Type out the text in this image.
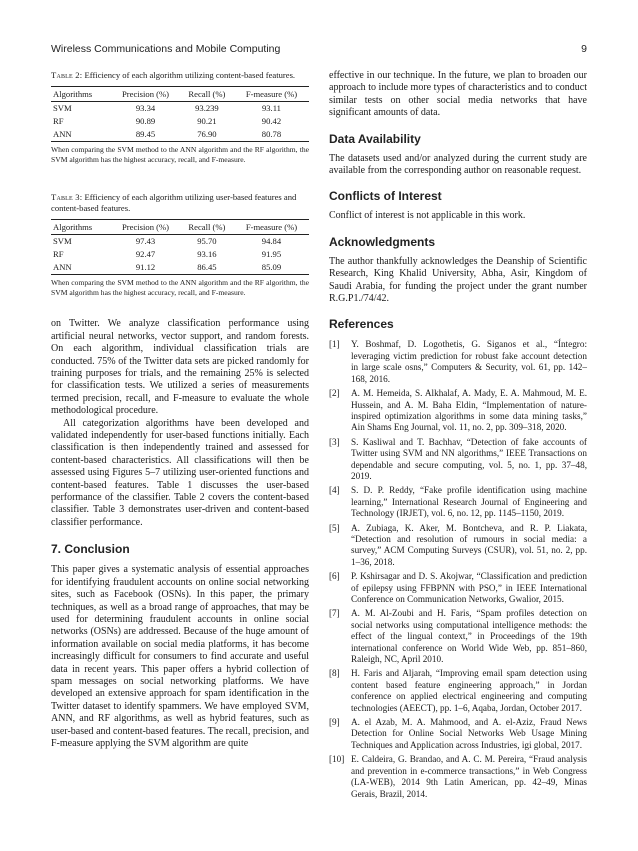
Wireless Communications and Mobile Computing	9

Table 2: Efficiency of each algorithm utilizing content-based features.

Algorithms	Precision (%)	Recall (%)	F-measure (%)
SVM	93.34	93.239	93.11
RF	90.89	90.21	90.42
ANN	89.45	76.90	80.78

When comparing the SVM method to the ANN algorithm and the RF algorithm, the SVM algorithm has the highest accuracy, recall, and F-measure.

Table 3: Efficiency of each algorithm utilizing user-based features and content-based features.

Algorithms	Precision (%)	Recall (%)	F-measure (%)
SVM	97.43	95.70	94.84
RF	92.47	93.16	91.95
ANN	91.12	86.45	85.09

When comparing the SVM method to the ANN algorithm and the RF algorithm, the SVM algorithm has the highest accuracy, recall, and F-measure.

on Twitter. We analyze classification performance using artificial neural networks, vector support, and random forests. On each algorithm, individual classification trials are conducted. 75% of the Twitter data sets are picked randomly for training purposes for trials, and the remaining 25% is selected for classification tests. We utilized a series of measurements termed precision, recall, and F-measure to evaluate the whole methodological procedure.

All categorization algorithms have been developed and validated independently for user-based functions initially. Each classification is then independently trained and assessed for content-based characteristics. All classifications will then be assessed using Figures 5–7 utilizing user-oriented functions and content-based features. Table 1 discusses the user-based performance of the classifier. Table 2 covers the content-based classifier. Table 3 demonstrates user-driven and content-based classifier performance.

7. Conclusion

This paper gives a systematic analysis of essential approaches for identifying fraudulent accounts on online social networking sites, such as Facebook (OSNs). In this paper, the primary techniques, as well as a broad range of approaches, that may be used for determining fraudulent accounts in online social networks (OSNs) are addressed. Because of the huge amount of information available on social media platforms, it has become increasingly difficult for consumers to find accurate and useful data in recent years. This paper offers a hybrid collection of spam messages on social networking platforms. We have developed an extensive approach for spam identification in the Twitter dataset to identify spammers. We have employed SVM, ANN, and RF algorithms, as well as hybrid features, such as user-based and content-based features. The recall, precision, and F-measure applying the SVM algorithm are quite

effective in our technique. In the future, we plan to broaden our approach to include more types of characteristics and to conduct similar tests on other social media networks that have significant amounts of data.

Data Availability

The datasets used and/or analyzed during the current study are available from the corresponding author on reasonable request.

Conflicts of Interest

Conflict of interest is not applicable in this work.

Acknowledgments

The author thankfully acknowledges the Deanship of Scientific Research, King Khalid University, Abha, Asir, Kingdom of Saudi Arabia, for funding the project under the grant number R.G.P1./74/42.

References
[1] Y. Boshmaf, D. Logothetis, G. Siganos et al., “Íntegro: leveraging victim prediction for robust fake account detection in large scale osns,” Computers & Security, vol. 61, pp. 142–168, 2016.
[2] A. M. Hemeida, S. Alkhalaf, A. Mady, E. A. Mahmoud, M. E. Hussein, and A. M. Baha Eldin, “Implementation of nature-inspired optimization algorithms in some data mining tasks,” Ain Shams Eng Journal, vol. 11, no. 2, pp. 309–318, 2020.
[3] S. Kasliwal and T. Bachhav, “Detection of fake accounts of Twitter using SVM and NN algorithms,” IEEE Transactions on dependable and secure computing, vol. 5, no. 1, pp. 37–48, 2019.
[4] S. D. P. Reddy, “Fake profile identification using machine learning,” International Research Journal of Engineering and Technology (IRJET), vol. 6, no. 12, pp. 1145–1150, 2019.
[5] A. Zubiaga, K. Aker, M. Bontcheva, and R. P. Liakata, “Detection and resolution of rumours in social media: a survey,” ACM Computing Surveys (CSUR), vol. 51, no. 2, pp. 1–36, 2018.
[6] P. Kshirsagar and D. S. Akojwar, “Classification and prediction of epilepsy using FFBPNN with PSO,” in IEEE International Conference on Communication Networks, Gwalior, 2015.
[7] A. M. Al-Zoubi and H. Faris, “Spam profiles detection on social networks using computational intelligence methods: the effect of the lingual context,” in Proceedings of the 19th international conference on World Wide Web, pp. 851–860, Raleigh, NC, April 2010.
[8] H. Faris and Aljarah, “Improving email spam detection using content based feature engineering approach,” in Jordan conference on applied electrical engineering and computing technologies (AEECT), pp. 1–6, Aqaba, Jordan, October 2017.
[9] A. el Azab, M. A. Mahmood, and A. el-Aziz, Fraud News Detection for Online Social Networks Web Usage Mining Techniques and Application across Industries, igi global, 2017.
[10] E. Caldeira, G. Brandao, and A. C. M. Pereira, “Fraud analysis and prevention in e-commerce transactions,” in Web Congress (LA-WEB), 2014 9th Latin American, pp. 42–49, Minas Gerais, Brazil, 2014.
